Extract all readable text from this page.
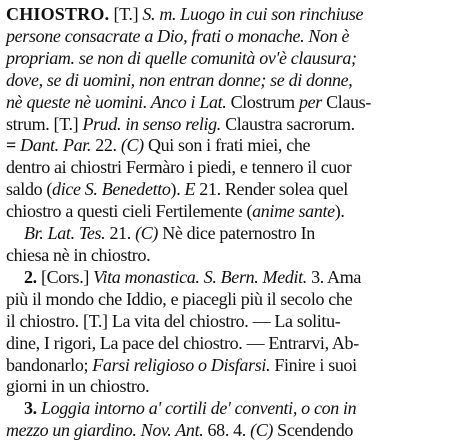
CHIOSTRO. [T.] S. m. Luogo in cui son rinchiuse
persone consacrate a Dio, frati o monache. Non è
propriam. se non di quelle comunità ov'è clausura;
dove, se di uomini, non entran donne; se di donne,
nè queste nè uomini. Anco i Lat. Clostrum per Claus-
strum. [T.] Prud. in senso relig. Claustra sacrorum.
= Dant. Par. 22. (C) Qui son i frati miei, che
dentro ai chiostri Fermàro i piedi, e tennero il cuor
saldo (dice S. Benedetto). E 21. Render solea quel
chiostro a questi cieli Fertilemente (anime sante).
Br. Lat. Tes. 21. (C) Nè dice paternostro In
chiesa nè in chiostro.
2. [Cors.] Vita monastica. S. Bern. Medit. 3. Ama
più il mondo che Iddio, e piacegli più il secolo che
il chiostro. [T.] La vita del chiostro. — La solitu-
dine, I rigori, La pace del chiostro. — Entrarvi, Ab-
bandonarlo; Farsi religioso o Disfarsi. Finire i suoi
giorni in un chiostro.
3. Loggia intorno a' cortili de' conventi, o con in
mezzo un giardino. Nov. Ant. 68. 4. (C) Scendendo
